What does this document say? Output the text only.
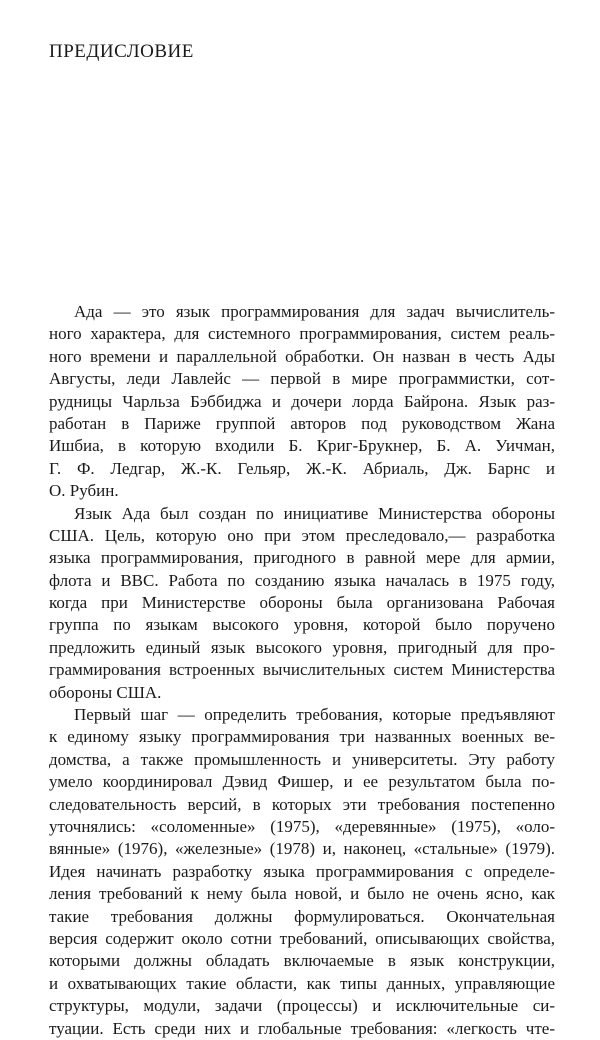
ПРЕДИСЛОВИЕ
Ада — это язык программирования для задач вычислитель-
ного характера, для системного программирования, систем реаль-
ного времени и параллельной обработки. Он назван в честь Ады
Августы, леди Лавлейс — первой в мире программистки, сот-
рудницы Чарльза Бэббиджа и дочери лорда Байрона. Язык раз-
работан в Париже группой авторов под руководством Жана
Ишбиа, в которую входили Б. Криг-Брукнер, Б. А. Уичман,
Г. Ф. Ледгар, Ж.-К. Гельяр, Ж.-К. Абриаль, Дж. Барнс и
О. Рубин.
Язык Ада был создан по инициативе Министерства обороны
США. Цель, которую оно при этом преследовало,— разработка
языка программирования, пригодного в равной мере для армии,
флота и ВВС. Работа по созданию языка началась в 1975 году,
когда при Министерстве обороны была организована Рабочая
группа по языкам высокого уровня, которой было поручено
предложить единый язык высокого уровня, пригодный для про-
граммирования встроенных вычислительных систем Министерства
обороны США.
Первый шаг — определить требования, которые предъявляют
к единому языку программирования три названных военных ве-
домства, а также промышленность и университеты. Эту работу
умело координировал Дэвид Фишер, и ее результатом была по-
следовательность версий, в которых эти требования постепенно
уточнялись: «соломенные» (1975), «деревянные» (1975), «оло-
вянные» (1976), «железные» (1978) и, наконец, «стальные» (1979).
Идея начинать разработку языка программирования с определе-
ления требований к нему была новой, и было не очень ясно, как
такие требования должны формулироваться. Окончательная
версия содержит около сотни требований, описывающих свойства,
которыми должны обладать включаемые в язык конструкции,
и охватывающих такие области, как типы данных, управляющие
структуры, модули, задачи (процессы) и исключительные си-
туации. Есть среди них и глобальные требования: «легкость чте-
